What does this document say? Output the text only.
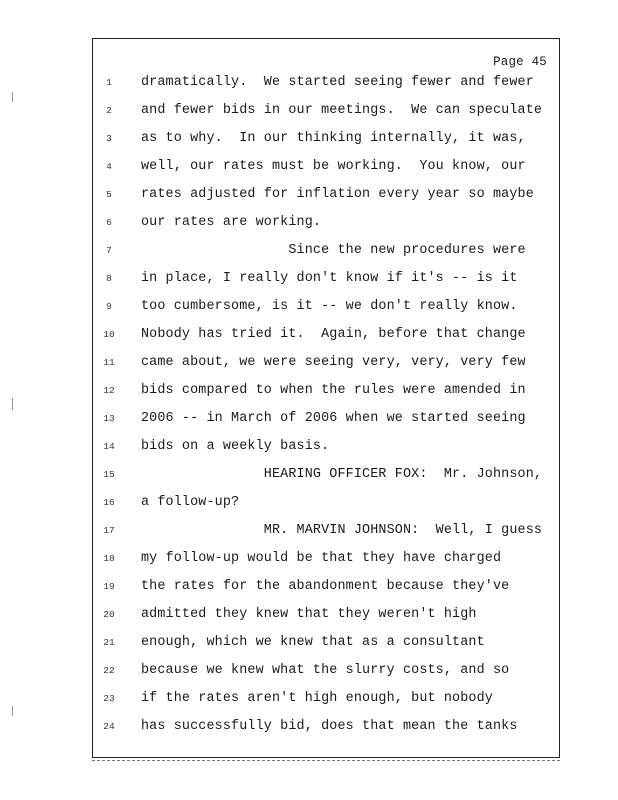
Page 45
1	dramatically.  We started seeing fewer and fewer
2	and fewer bids in our meetings.  We can speculate
3	as to why.  In our thinking internally, it was,
4	well, our rates must be working.  You know, our
5	rates adjusted for inflation every year so maybe
6	our rates are working.
7	Since the new procedures were
8	in place, I really don't know if it's -- is it
9	too cumbersome, is it -- we don't really know.
10 Nobody has tried it.  Again, before that change
11 came about, we were seeing very, very, very few
12 bids compared to when the rules were amended in
13 2006 -- in March of 2006 when we started seeing
14 bids on a weekly basis.
15 HEARING OFFICER FOX:  Mr. Johnson,
16 a follow-up?
17 MR. MARVIN JOHNSON:  Well, I guess
18 my follow-up would be that they have charged
19 the rates for the abandonment because they've
20 admitted they knew that they weren't high
21 enough, which we knew that as a consultant
22 because we knew what the slurry costs, and so
23 if the rates aren't high enough, but nobody
24 has successfully bid, does that mean the tanks
